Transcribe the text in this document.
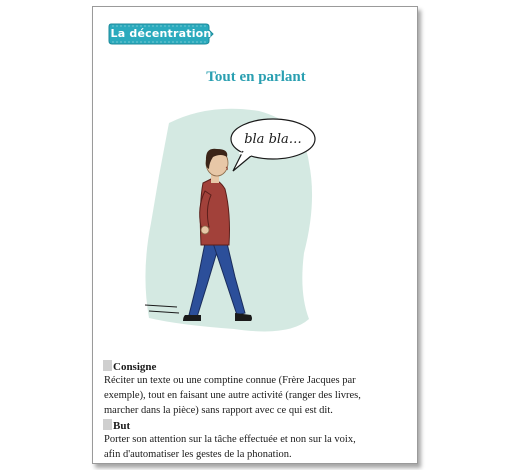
La décentration
Tout en parlant
bla bla…
Consigne
Réciter un texte ou une comptine connue (Frère Jacques par
exemple), tout en faisant une autre activité (ranger des livres,
marcher dans la pièce) sans rapport avec ce qui est dit.
But
Porter son attention sur la tâche effectuée et non sur la voix,
afin d'automatiser les gestes de la phonation.
